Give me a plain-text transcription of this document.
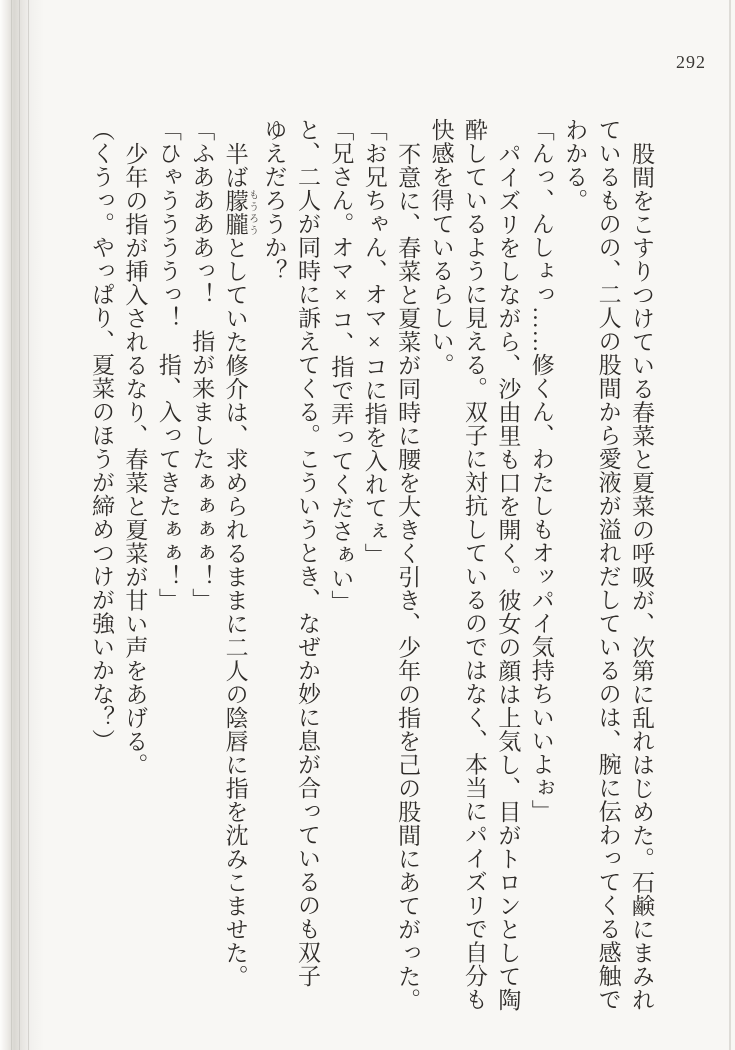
292

股間をこすりつけている春菜と夏菜の呼吸が、次第に乱れはじめた。石鹸にまみれ

ているものの、二人の股間から愛液が溢れだしているのは、腕に伝わってくる感触で

わかる。

「んっ、んしょっ……修くん、わたしもオッパイ気持ちいいよぉ」

パイズリをしながら、沙由里も口を開く。彼女の顔は上気し、目がトロンとして陶

酔しているように見える。双子に対抗しているのではなく、本当にパイズリで自分も

快感を得ているらしい。

不意に、春菜と夏菜が同時に腰を大きく引き、少年の指を己の股間にあてがった。

「お兄ちゃん、オマ×コに指を入れてぇ」

「兄さん。オマ×コ、指で弄ってくださぁい」

と、二人が同時に訴えてくる。こういうとき、なぜか妙に息が合っているのも双子

ゆえだろうか？

半ば朦朧 もうろうとしていた修介は、求められるままに二人の陰唇に指を沈みこませた。

「ふああああっ！　指が来ましたぁぁぁぁ！」

「ひゃううううっ！　指、入ってきたぁぁ！」

少年の指が挿入されるなり、春菜と夏菜が甘い声をあげる。

（くうっ。やっぱり、夏菜のほうが締めつけが強いかな？）
